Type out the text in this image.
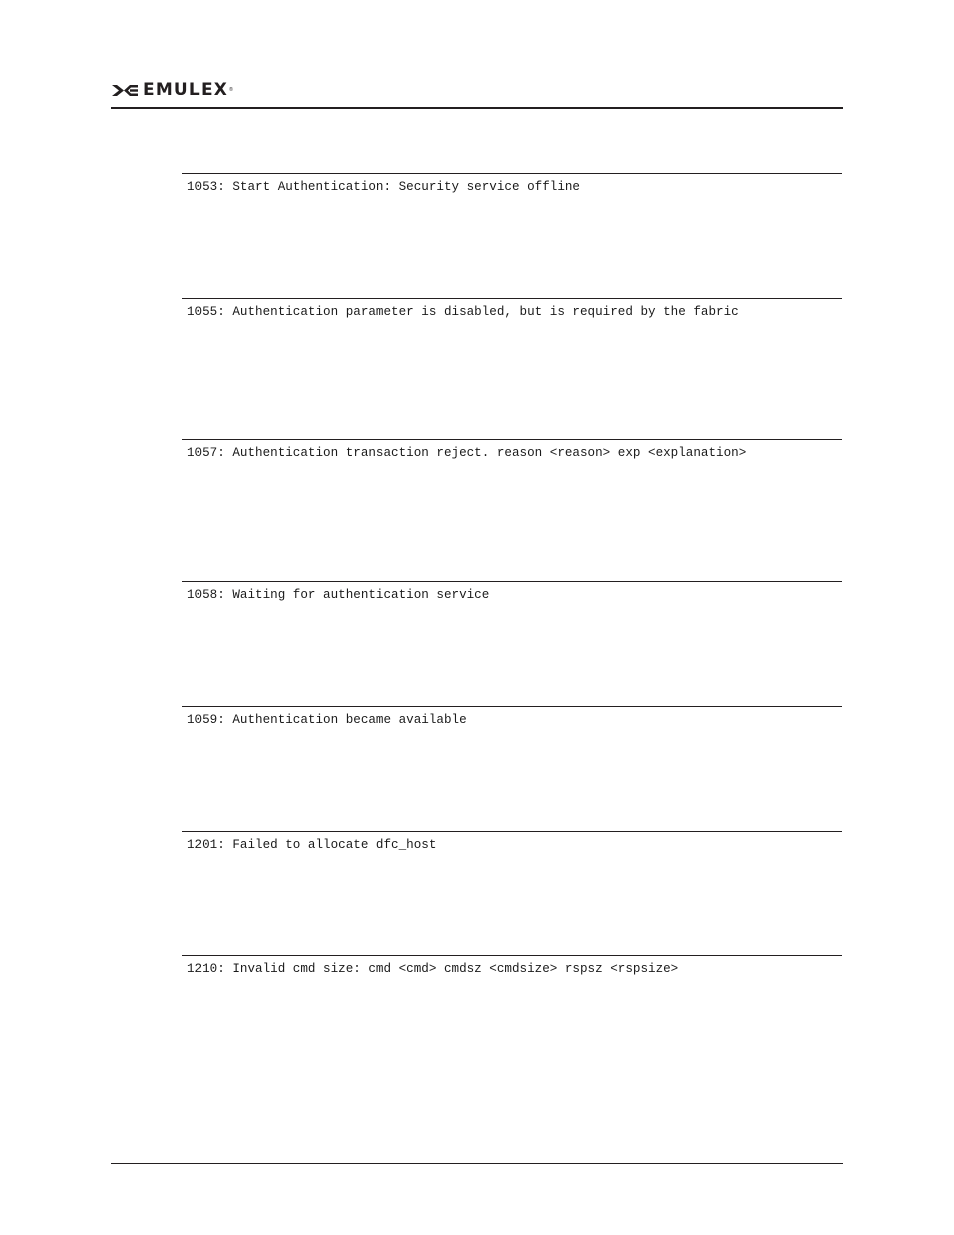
EMULEX ®
1053: Start Authentication: Security service offline
1055: Authentication parameter is disabled, but is required by the fabric
1057: Authentication transaction reject. reason <reason> exp <explanation>
1058: Waiting for authentication service
1059: Authentication became available
1201: Failed to allocate dfc_host
1210: Invalid cmd size: cmd <cmd> cmdsz <cmdsize> rspsz <rspsize>
